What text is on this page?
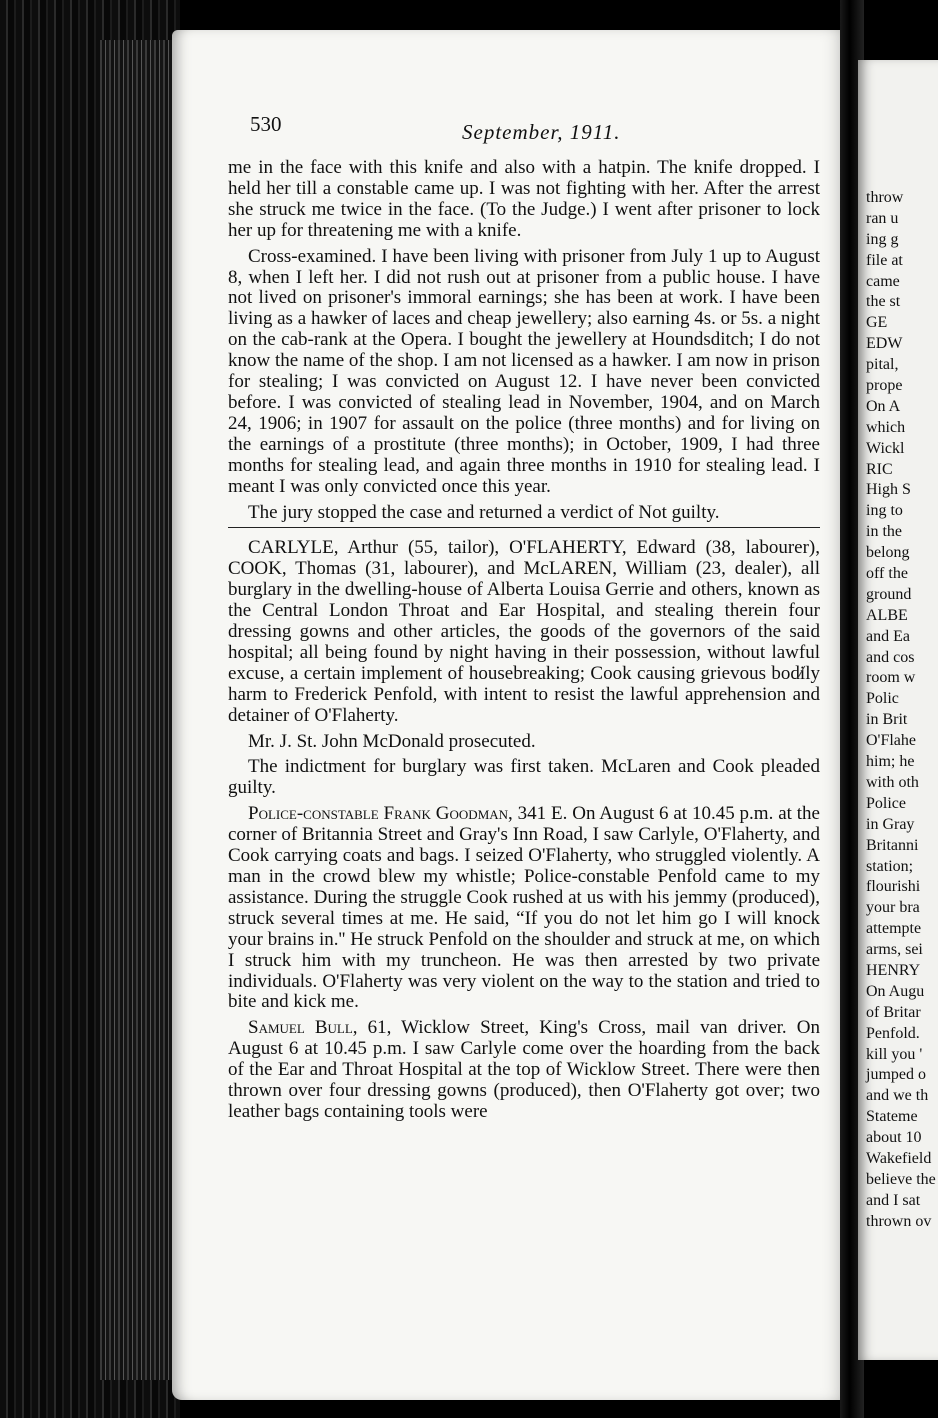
530	September, 1911.

me in the face with this knife and also with a hatpin. The knife dropped. I held her till a constable came up. I was not fighting with her. After the arrest she struck me twice in the face. (To the Judge.) I went after prisoner to lock her up for threatening me with a knife.

Cross-examined. I have been living with prisoner from July 1 up to August 8, when I left her. I did not rush out at prisoner from a public house. I have not lived on prisoner's immoral earnings; she has been at work. I have been living as a hawker of laces and cheap jewellery; also earning 4s. or 5s. a night on the cab-rank at the Opera. I bought the jewellery at Houndsditch; I do not know the name of the shop. I am not licensed as a hawker. I am now in prison for stealing; I was convicted on August 12. I have never been convicted before. I was convicted of stealing lead in November, 1904, and on March 24, 1906; in 1907 for assault on the police (three months) and for living on the earnings of a prostitute (three months); in October, 1909, I had three months for stealing lead, and again three months in 1910 for stealing lead. I meant I was only convicted once this year.

The jury stopped the case and returned a verdict of Not guilty.

CARLYLE, Arthur (55, tailor), O'FLAHERTY, Edward (38, labourer), COOK, Thomas (31, labourer), and McLAREN, William (23, dealer), all burglary in the dwelling-house of Alberta Louisa Gerrie and others, known as the Central London Throat and Ear Hospital, and stealing therein four dressing gowns and other articles, the goods of the governors of the said hospital; all being found by night having in their possession, without lawful excuse, a certain implement of housebreaking; Cook causing grievous bodily harm to Frederick Penfold, with intent to resist the lawful apprehension and detainer of O'Flaherty.

Mr. J. St. John McDonald prosecuted.

The indictment for burglary was first taken. McLaren and Cook pleaded guilty.

Police-constable Frank Goodman, 341 E. On August 6 at 10.45 p.m. at the corner of Britannia Street and Gray's Inn Road, I saw Carlyle, O'Flaherty, and Cook carrying coats and bags. I seized O'Flaherty, who struggled violently. A man in the crowd blew my whistle; Police-constable Penfold came to my assistance. During the struggle Cook rushed at us with his jemmy (produced), struck several times at me. He said, “If you do not let him go I will knock your brains in.'' He struck Penfold on the shoulder and struck at me, on which I struck him with my truncheon. He was then arrested by two private individuals. O'Flaherty was very violent on the way to the station and tried to bite and kick me.

Samuel Bull, 61, Wicklow Street, King's Cross, mail van driver. On August 6 at 10.45 p.m. I saw Carlyle come over the hoarding from the back of the Ear and Throat Hospital at the top of Wicklow Street. There were then thrown over four dressing gowns (produced), then O'Flaherty got over; two leather bags containing tools were

throw
ran u
ing g
file at
came
the st
GE
EDW
pital,
prope
On A
which
Wickl
RIC
High S
ing to
in the
belong
off the
ground
ALBE
and Ea
and cos
room w
Polic
in Brit
O'Flahe
him; he
with oth
Police
in Gray
Britanni
station;
flourishi
your bra
attempte
arms, sei
HENRY
On Augu
of Britar
Penfold.
kill you '
jumped o
and we th
Stateme
about 10
Wakefield
believe the
and I sat
thrown ov
